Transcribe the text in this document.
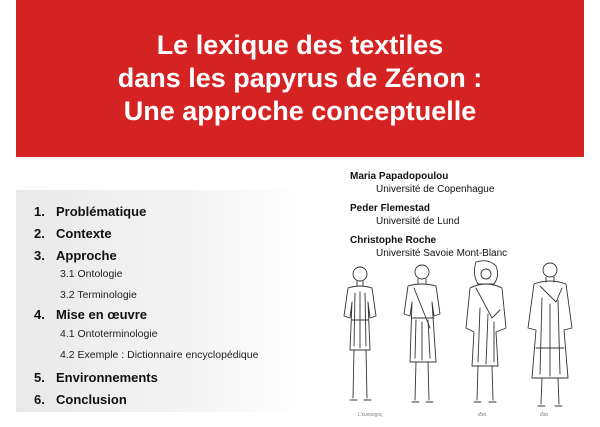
Le lexique des textiles
dans les papyrus de Zénon :
Une approche conceptuelle
1. Problématique
2. Contexte
3. Approche
3.1 Ontologie
3.2 Terminologie
4. Mise en œuvre
4.1 Ontoterminologie
4.2 Exemple : Dictionnaire encyclopédique
5. Environnements
6. Conclusion
Maria Papadopoulou
Université de Copenhague
Peder Flemestad
Université de Lund
Christophe Roche
Université Savoie Mont-Blanc
L'ευνουχος	ιδια	ιδια
